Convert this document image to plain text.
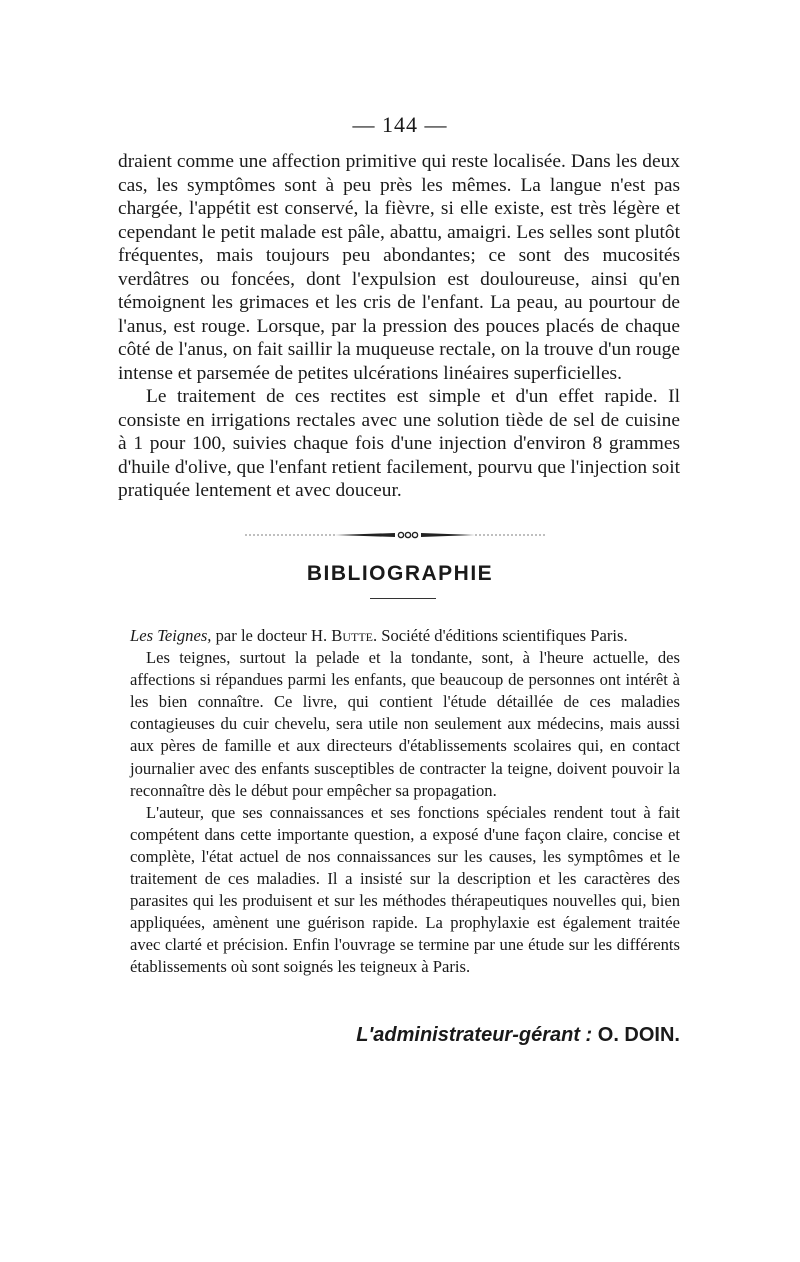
— 144 —

draient comme une affection primitive qui reste localisée. Dans les deux cas, les symptômes sont à peu près les mêmes. La langue n'est pas chargée, l'appétit est conservé, la fièvre, si elle existe, est très légère et cependant le petit malade est pâle, abattu, amaigri. Les selles sont plutôt fréquentes, mais toujours peu abondantes; ce sont des mucosités verdâtres ou foncées, dont l'expulsion est douloureuse, ainsi qu'en témoignent les grimaces et les cris de l'enfant. La peau, au pourtour de l'anus, est rouge. Lorsque, par la pression des pouces placés de chaque côté de l'anus, on fait saillir la muqueuse rectale, on la trouve d'un rouge intense et parsemée de petites ulcérations linéaires superficielles.

Le traitement de ces rectites est simple et d'un effet rapide. Il consiste en irrigations rectales avec une solution tiède de sel de cuisine à 1 pour 100, suivies chaque fois d'une injection d'environ 8 grammes d'huile d'olive, que l'enfant retient facilement, pourvu que l'injection soit pratiquée lentement et avec douceur.

BIBLIOGRAPHIE

Les Teignes, par le docteur H. Butte. Société d'éditions scientifiques Paris.

Les teignes, surtout la pelade et la tondante, sont, à l'heure actuelle, des affections si répandues parmi les enfants, que beaucoup de personnes ont intérêt à les bien connaître. Ce livre, qui contient l'étude détaillée de ces maladies contagieuses du cuir chevelu, sera utile non seulement aux médecins, mais aussi aux pères de famille et aux directeurs d'établissements scolaires qui, en contact journalier avec des enfants susceptibles de contracter la teigne, doivent pouvoir la reconnaître dès le début pour empêcher sa propagation.

L'auteur, que ses connaissances et ses fonctions spéciales rendent tout à fait compétent dans cette importante question, a exposé d'une façon claire, concise et complète, l'état actuel de nos connaissances sur les causes, les symptômes et le traitement de ces maladies. Il a insisté sur la description et les caractères des parasites qui les produisent et sur les méthodes thérapeutiques nouvelles qui, bien appliquées, amènent une guérison rapide. La prophylaxie est également traitée avec clarté et précision. Enfin l'ouvrage se termine par une étude sur les différents établissements où sont soignés les teigneux à Paris.

L'administrateur-gérant : O. DOIN.
